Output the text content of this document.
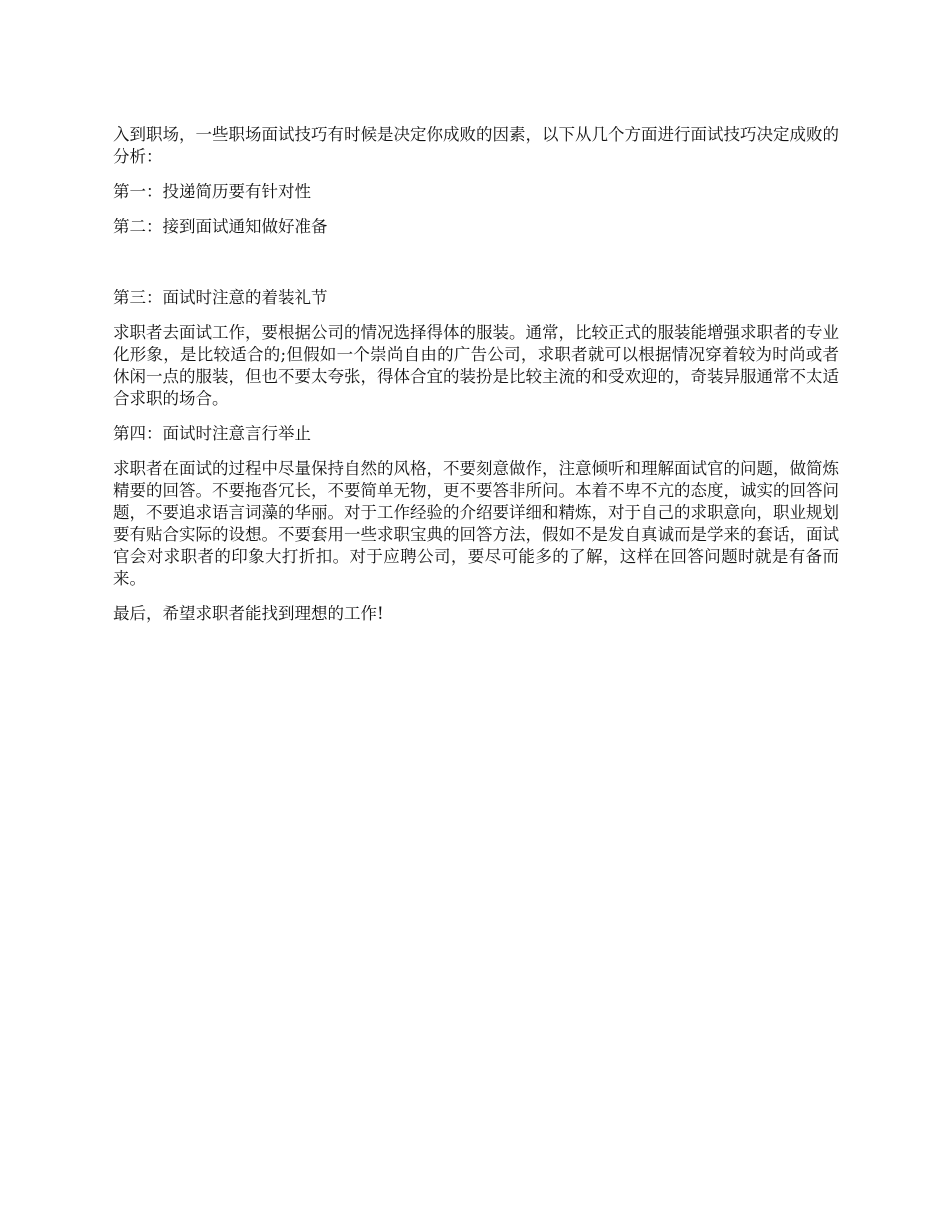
入到职场，一些职场面试技巧有时候是决定你成败的因素，以下从几个方面进行面试技巧决定成败的分析：

第一：投递简历要有针对性

第二：接到面试通知做好准备

第三：面试时注意的着装礼节

求职者去面试工作，要根据公司的情况选择得体的服装。通常，比较正式的服装能增强求职者的专业化形象，是比较适合的;但假如一个崇尚自由的广告公司，求职者就可以根据情况穿着较为时尚或者休闲一点的服装，但也不要太夸张，得体合宜的装扮是比较主流的和受欢迎的，奇装异服通常不太适合求职的场合。

第四：面试时注意言行举止

求职者在面试的过程中尽量保持自然的风格，不要刻意做作，注意倾听和理解面试官的问题，做简炼精要的回答。不要拖沓冗长，不要简单无物，更不要答非所问。本着不卑不亢的态度，诚实的回答问题，不要追求语言词藻的华丽。对于工作经验的介绍要详细和精炼，对于自己的求职意向，职业规划要有贴合实际的设想。不要套用一些求职宝典的回答方法，假如不是发自真诚而是学来的套话，面试官会对求职者的印象大打折扣。对于应聘公司，要尽可能多的了解，这样在回答问题时就是有备而来。

最后，希望求职者能找到理想的工作!
